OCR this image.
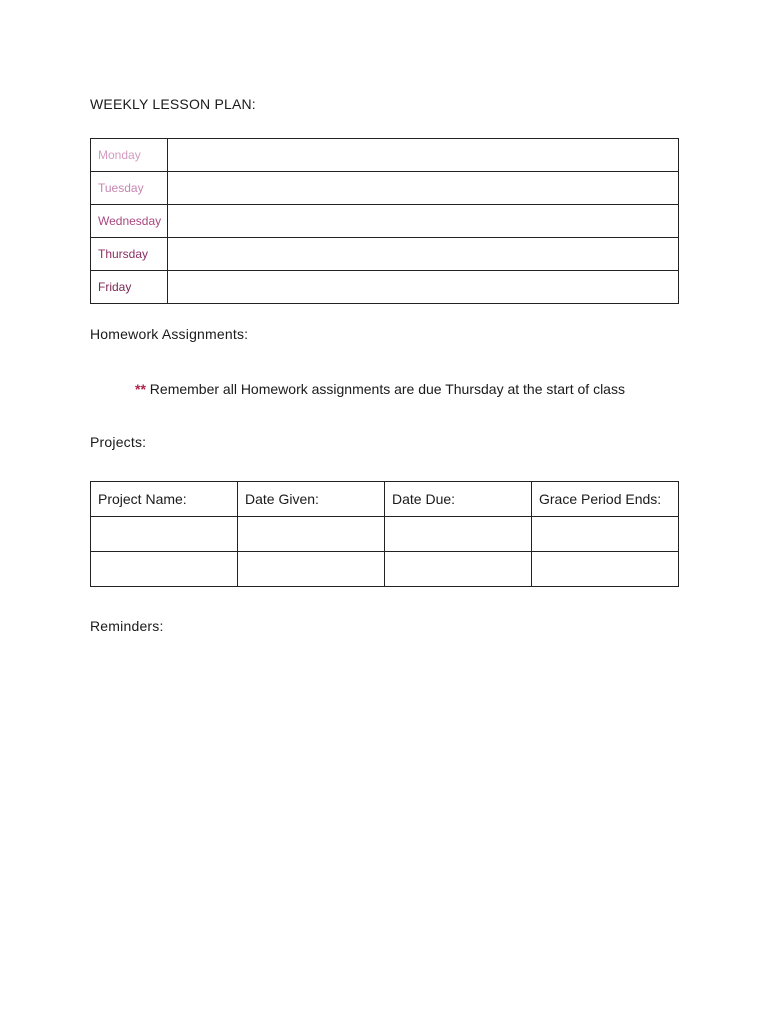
WEEKLY LESSON PLAN:
Monday	
Tuesday	
Wednesday	
Thursday	
Friday	
Homework Assignments:
** Remember all Homework assignments are due Thursday at the start of class
Projects:
Project Name:	Date Given:	Date Due:	Grace Period Ends:

Reminders:
